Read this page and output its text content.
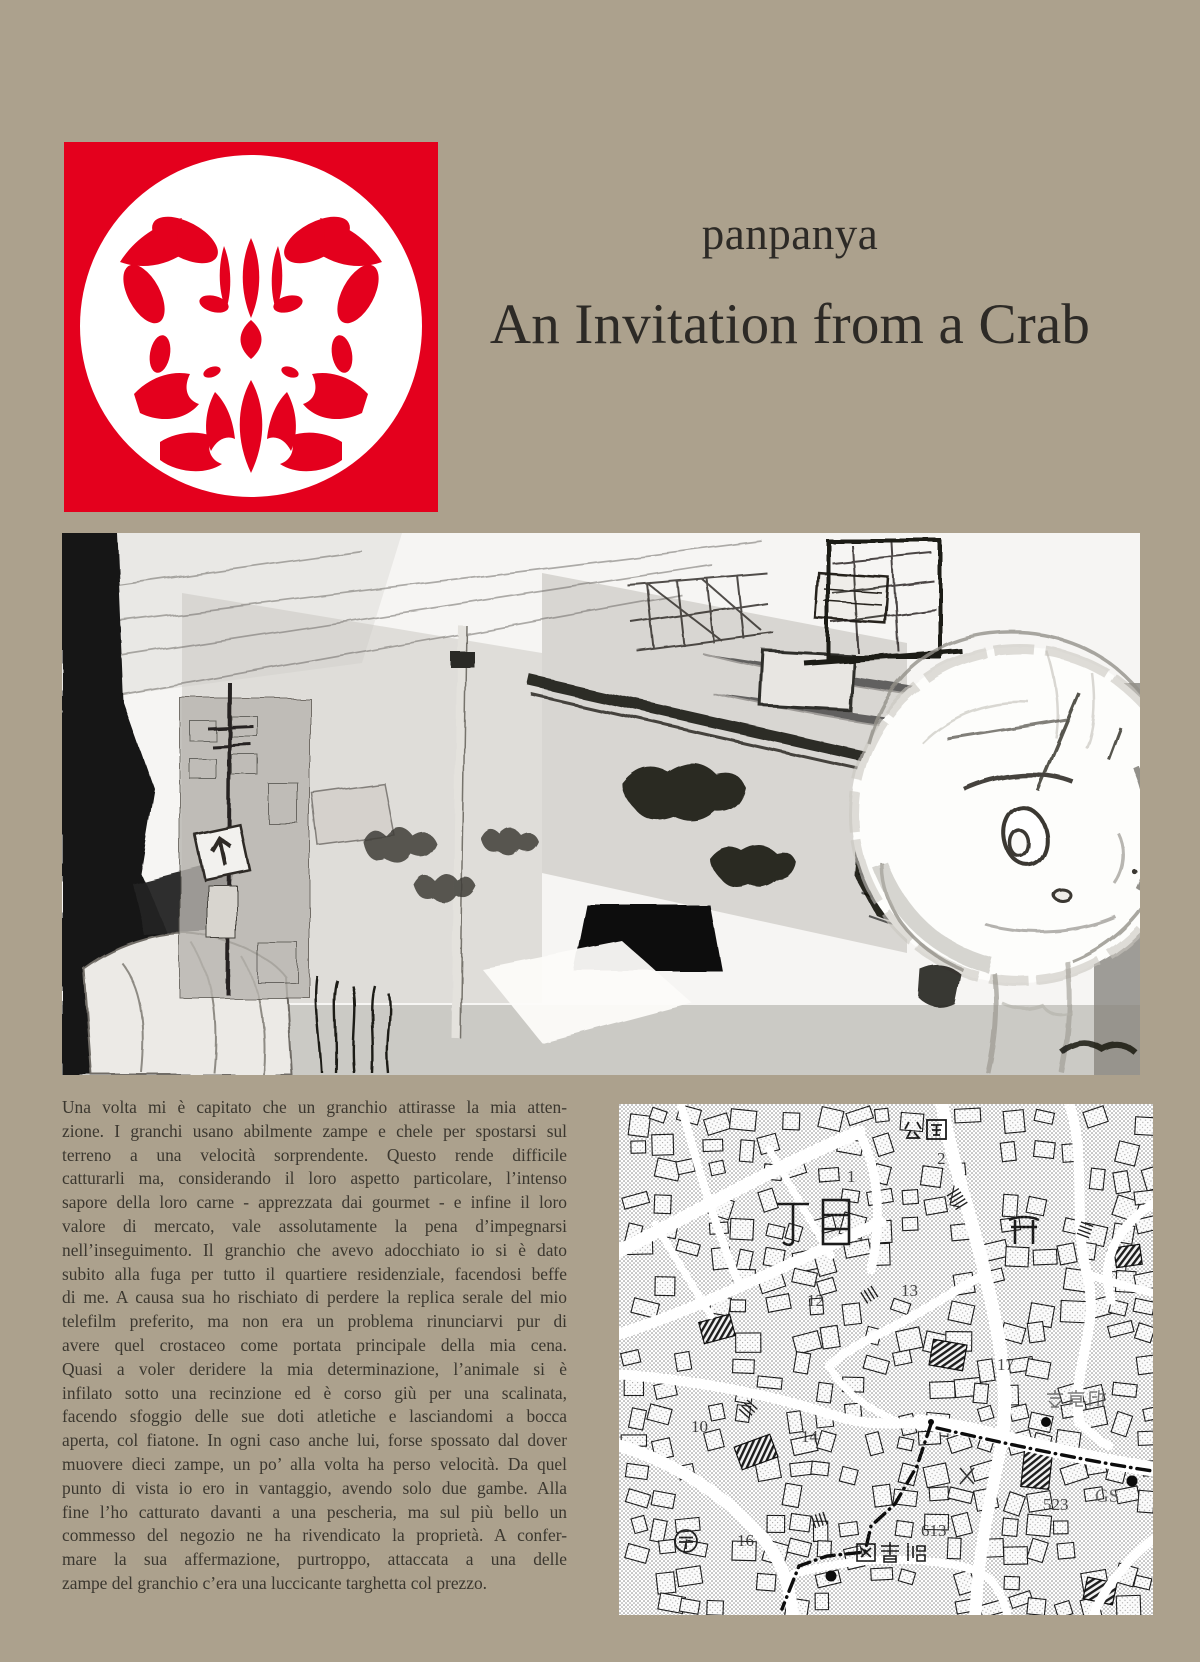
panpanya
An Invitation from a Crab
Una volta mi è capitato che un granchio attirasse la mia atten-
zione. I granchi usano abilmente zampe e chele per spostarsi sul
terreno a una velocità sorprendente. Questo rende difficile
catturarli ma, considerando il loro aspetto particolare, l’intenso
sapore della loro carne - apprezzata dai gourmet - e infine il loro
valore di mercato, vale assolutamente la pena d’impegnarsi
nell’inseguimento. Il granchio che avevo adocchiato io si è dato
subito alla fuga per tutto il quartiere residenziale, facendosi beffe
di me. A causa sua ho rischiato di perdere la replica serale del mio
telefilm preferito, ma non era un problema rinunciarvi pur di
avere quel crostaceo come portata principale della mia cena.
Quasi a voler deridere la mia determinazione, l’animale si è
infilato sotto una recinzione ed è corso giù per una scalinata,
facendo sfoggio delle sue doti atletiche e lasciandomi a bocca
aperta, col fiatone. In ogni caso anche lui, forse spossato dal dover
muovere dieci zampe, un po’ alla volta ha perso velocità. Da quel
punto di vista io ero in vantaggio, avendo solo due gambe. Alla
fine l’ho catturato davanti a una pescheria, ma sul più bello un
commesso del negozio ne ha rivendicato la proprietà. A confer-
mare la sua affermazione, purtroppo, attaccata a una delle
zampe del granchio c’era una luccicante targhetta col prezzo.
2
1
12
13
17
10
14
16
523
613
GS
